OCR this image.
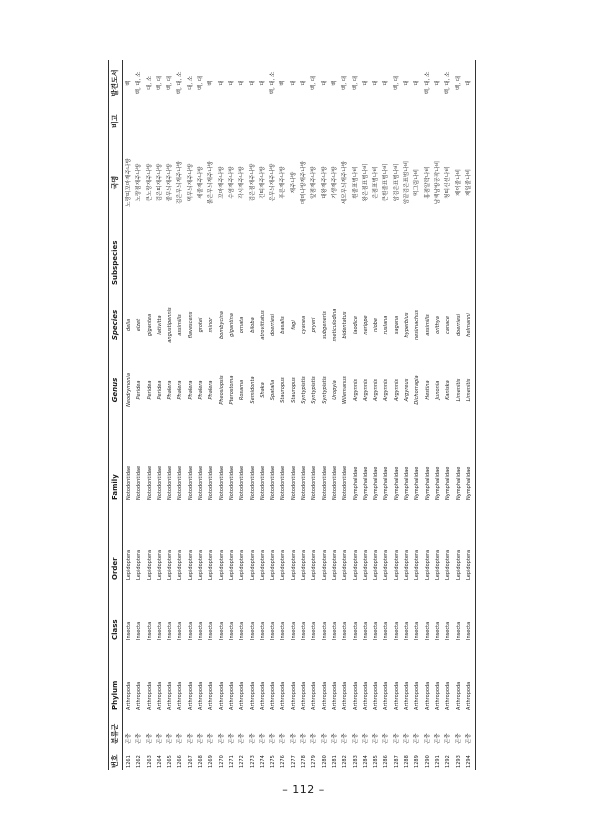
번호
분류군
Phylum
Class
Order
Family
Genus
Species
Subspecies
국명
비고
발견도서
1261
곤충
Arthropoda
Insecta
Lepidoptera
Notodontidae
Neodrymonia
delia
노랑띠꼬마재주나방
백
1262
곤충
Arthropoda
Insecta
Lepidoptera
Notodontidae
Peridea
elzet
노랑점재주나방
백, 대, 소
1263
곤충
Arthropoda
Insecta
Lepidoptera
Notodontidae
Peridea
gigantea
큰노랑재주나방
대, 소
1264
곤충
Arthropoda
Insecta
Lepidoptera
Notodontidae
Peridea
lativitta
검은띠재주나방
백, 대
1265
곤충
Arthropoda
Insecta
Lepidoptera
Notodontidae
Phalera
angustipennis
줄무늬재주나방
백, 대
1266
곤충
Arthropoda
Insecta
Lepidoptera
Notodontidae
Phalera
assimilis
검은무늬재주나방
백, 대, 소
1267
곤충
Arthropoda
Insecta
Lepidoptera
Notodontidae
Phalera
flavescens
먹무늬재주나방
대, 소
1268
곤충
Arthropoda
Insecta
Lepidoptera
Notodontidae
Phalera
grotei
세줄재주나방
백, 대
1269
곤충
Arthropoda
Insecta
Lepidoptera
Notodontidae
Phalera
minor
붉은무늬재주나방
백
1270
곤충
Arthropoda
Insecta
Lepidoptera
Notodontidae
Pheosiopsis
bombycina
꼬마재주나방
대
1271
곤충
Arthropoda
Insecta
Lepidoptera
Notodontidae
Pterostoma
gigantina
수염재주나방
대
1272
곤충
Arthropoda
Insecta
Lepidoptera
Notodontidae
Rosama
ornata
각시재주나방
대
1273
곤충
Arthropoda
Insecta
Lepidoptera
Notodontidae
Semidonta
biloba
검은점재주나방
대
1274
곤충
Arthropoda
Insecta
Lepidoptera
Notodontidae
Shaka
atrovittatus
긴띠재주나방
대
1275
곤충
Arthropoda
Insecta
Lepidoptera
Notodontidae
Spatalia
doerriesi
은무늬재주나방
백, 대, 소
1276
곤충
Arthropoda
Insecta
Lepidoptera
Notodontidae
Stauropus
basalis
푸른재주나방
백
1277
곤충
Arthropoda
Insecta
Lepidoptera
Notodontidae
Stauropus
fagi
재주나방
대
1278
곤충
Arthropoda
Insecta
Lepidoptera
Notodontidae
Syntypistis
cyanea
매미나방재주나방
대
1279
곤충
Arthropoda
Insecta
Lepidoptera
Notodontidae
Syntypistis
pryeri
앞점재주나방
백, 대
1280
곤충
Arthropoda
Insecta
Lepidoptera
Notodontidae
Syntypistis
subgeneris
대왕재주나방
대
1281
곤충
Arthropoda
Insecta
Lepidoptera
Notodontidae
Uropyia
meticulodina
기생재주나방
백
1282
곤충
Arthropoda
Insecta
Lepidoptera
Notodontidae
Wilemanus
bidentatus
세모무늬재주나방
백, 대
1283
곤충
Arthropoda
Insecta
Lepidoptera
Nymphalidae
Argynnis
laodice
흰줄표범나비
백, 대
1284
곤충
Arthropoda
Insecta
Lepidoptera
Nymphalidae
Argynnis
nerippe
왕은점표범나비
대
1285
곤충
Arthropoda
Insecta
Lepidoptera
Nymphalidae
Argynnis
niobe
은점표범나비
대
1286
곤충
Arthropoda
Insecta
Lepidoptera
Nymphalidae
Argynnis
ruslana
큰흰줄표범나비
대
1287
곤충
Arthropoda
Insecta
Lepidoptera
Nymphalidae
Argynnis
sagana
암검은표범나비
백, 대
1288
곤충
Arthropoda
Insecta
Lepidoptera
Nymphalidae
Argyreus
hyperbius
암끝검은표범나비
대
1289
곤충
Arthropoda
Insecta
Lepidoptera
Nymphalidae
Dichorragia
nesimachus
먹그림나비
대
1290
곤충
Arthropoda
Insecta
Lepidoptera
Nymphalidae
Hestina
assimilis
홍점알락나비
백, 대, 소
1291
곤충
Arthropoda
Insecta
Lepidoptera
Nymphalidae
Junonia
orithya
남색남방공작나비
대
1292
곤충
Arthropoda
Insecta
Lepidoptera
Nymphalidae
Kaniska
canace
청띠신선나비
백, 대, 소
1293
곤충
Arthropoda
Insecta
Lepidoptera
Nymphalidae
Limenitis
doerriesi
제이줄나비
백, 대
1294
곤충
Arthropoda
Insecta
Lepidoptera
Nymphalidae
Limenitis
helmanni
제일줄나비
대
– 112 –
